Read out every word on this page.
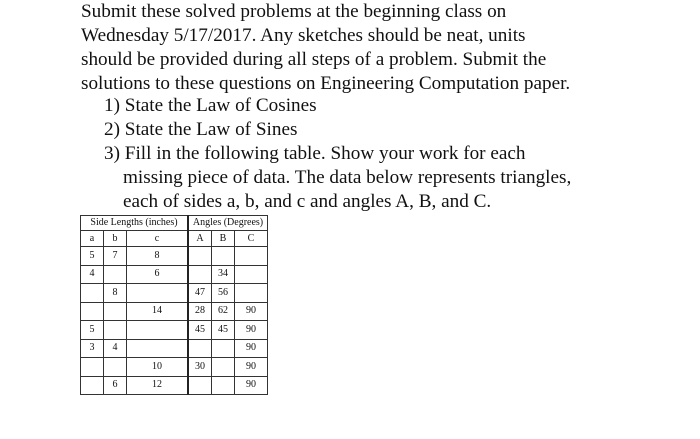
Submit these solved problems at the beginning class on
Wednesday 5/17/2017. Any sketches should be neat, units
should be provided during all steps of a problem. Submit the
solutions to these questions on Engineering Computation paper.
1) State the Law of Cosines
2) State the Law of Sines
3) Fill in the following table. Show your work for each
missing piece of data. The data below represents triangles,
each of sides a, b, and c and angles A, B, and C.
Side Lengths (inches)			Angles (Degrees)		
a	b	c	A	B	C
5	7	8			
4		6		34	
	8		47	56	
		14	28	62	90
5			45	45	90
3	4				90
		10	30		90
	6	12			90
